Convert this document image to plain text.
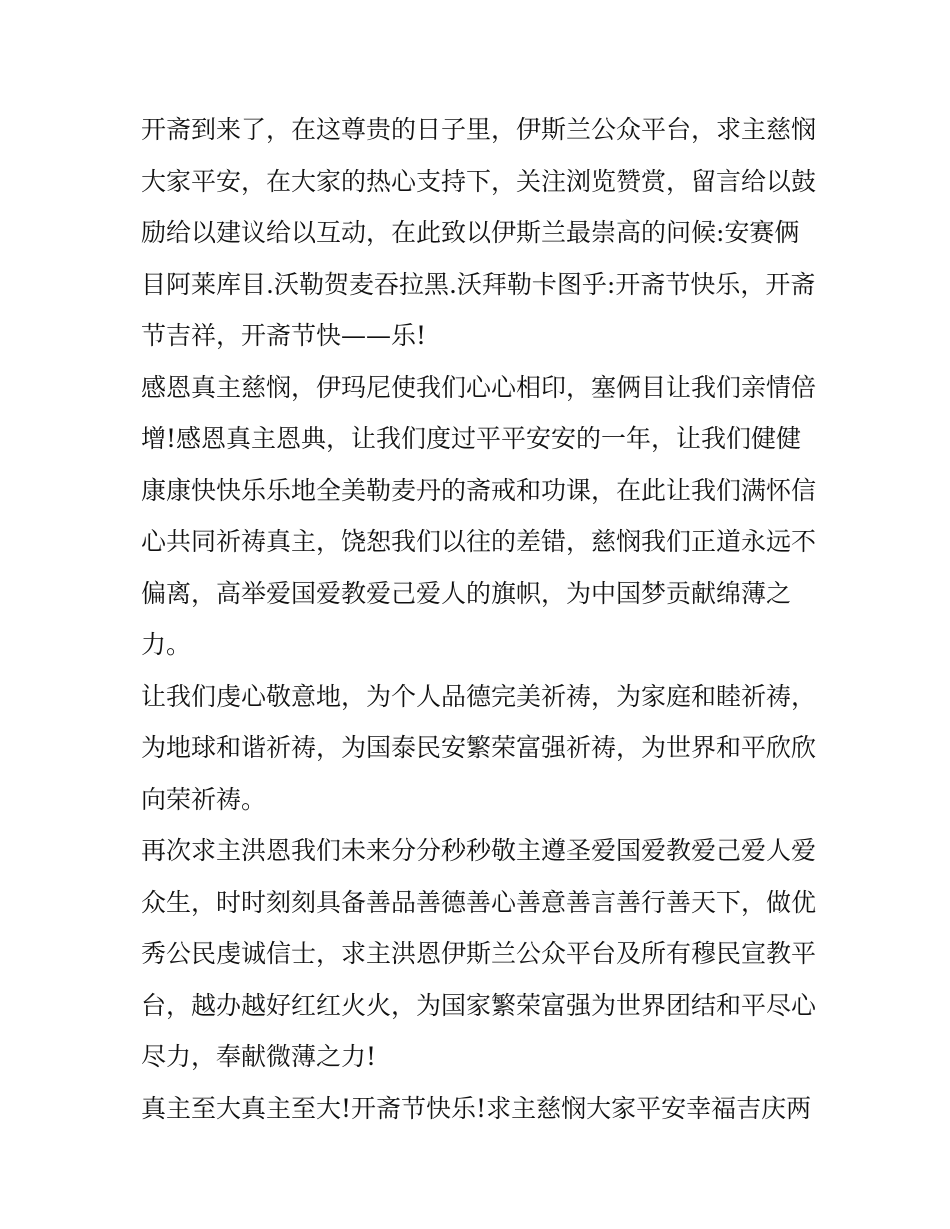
开斋到来了，在这尊贵的日子里，伊斯兰公众平台，求主慈悯
大家平安，在大家的热心支持下，关注浏览赞赏，留言给以鼓
励给以建议给以互动，在此致以伊斯兰最崇高的问候:安赛俩
目阿莱库目.沃勒贺麦吞拉黑.沃拜勒卡图乎:开斋节快乐，开斋
节吉祥，开斋节快——乐!
感恩真主慈悯，伊玛尼使我们心心相印，塞俩目让我们亲情倍
增!感恩真主恩典，让我们度过平平安安的一年，让我们健健
康康快快乐乐地全美勒麦丹的斋戒和功课，在此让我们满怀信
心共同祈祷真主，饶恕我们以往的差错，慈悯我们正道永远不
偏离，高举爱国爱教爱己爱人的旗帜，为中国梦贡献绵薄之
力。
让我们虔心敬意地，为个人品德完美祈祷，为家庭和睦祈祷，
为地球和谐祈祷，为国泰民安繁荣富强祈祷，为世界和平欣欣
向荣祈祷。
再次求主洪恩我们未来分分秒秒敬主遵圣爱国爱教爱己爱人爱
众生，时时刻刻具备善品善德善心善意善言善行善天下，做优
秀公民虔诚信士，求主洪恩伊斯兰公众平台及所有穆民宣教平
台，越办越好红红火火，为国家繁荣富强为世界团结和平尽心
尽力，奉献微薄之力!
真主至大真主至大!开斋节快乐!求主慈悯大家平安幸福吉庆两
